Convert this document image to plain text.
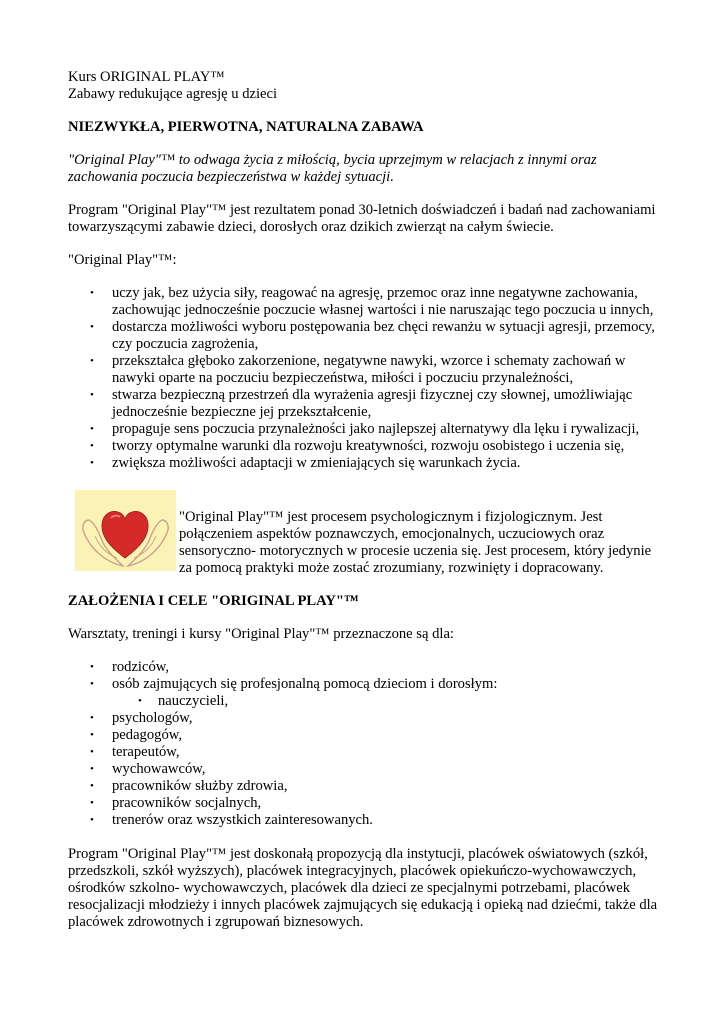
Kurs ORIGINAL PLAY™

Zabawy redukujące agresję u dzieci

NIEZWYKŁA, PIERWOTNA, NATURALNA ZABAWA

"Original Play"™ to odwaga życia z miłością, bycia uprzejmym w relacjach z innymi oraz zachowania poczucia bezpieczeństwa w każdej sytuacji.

Program "Original Play"™ jest rezultatem ponad 30-letnich doświadczeń i badań nad zachowaniami towarzyszącymi zabawie dzieci, dorosłych oraz dzikich zwierząt na całym świecie.

"Original Play"™:

• uczy jak, bez użycia siły, reagować na agresję, przemoc oraz inne negatywne zachowania, zachowując jednocześnie poczucie własnej wartości i nie naruszając tego poczucia u innych,
• dostarcza możliwości wyboru postępowania bez chęci rewanżu w sytuacji agresji, przemocy, czy poczucia zagrożenia,
• przekształca głęboko zakorzenione, negatywne nawyki, wzorce i schematy zachowań w nawyki oparte na poczuciu bezpieczeństwa, miłości i poczuciu przynależności,
• stwarza bezpieczną przestrzeń dla wyrażenia agresji fizycznej czy słownej, umożliwiając jednocześnie bezpieczne jej przekształcenie,
• propaguje sens poczucia przynależności jako najlepszej alternatywy dla lęku i rywalizacji,
• tworzy optymalne warunki dla rozwoju kreatywności, rozwoju osobistego i uczenia się,
• zwiększa możliwości adaptacji w zmieniających się warunkach życia.

"Original Play"™ jest procesem psychologicznym i fizjologicznym. Jest połączeniem aspektów poznawczych, emocjonalnych, uczuciowych oraz sensoryczno- motorycznych w procesie uczenia się. Jest procesem, który jedynie za pomocą praktyki może zostać zrozumiany, rozwinięty i dopracowany.

ZAŁOŻENIA I CELE "ORIGINAL PLAY"™

Warsztaty, treningi i kursy "Original Play"™ przeznaczone są dla:

• rodziców,
• osób zajmujących się profesjonalną pomocą dzieciom i dorosłym:
• nauczycieli,
• psychologów,
• pedagogów,
• terapeutów,
• wychowawców,
• pracowników służby zdrowia,
• pracowników socjalnych,
• trenerów oraz wszystkich zainteresowanych.

Program "Original Play"™ jest doskonałą propozycją dla instytucji, placówek oświatowych (szkół, przedszkoli, szkół wyższych), placówek integracyjnych, placówek opiekuńczo-wychowawczych, ośrodków szkolno- wychowawczych, placówek dla dzieci ze specjalnymi potrzebami, placówek resocjalizacji młodzieży i innych placówek zajmujących się edukacją i opieką nad dziećmi, także dla placówek zdrowotnych i zgrupowań biznesowych.
